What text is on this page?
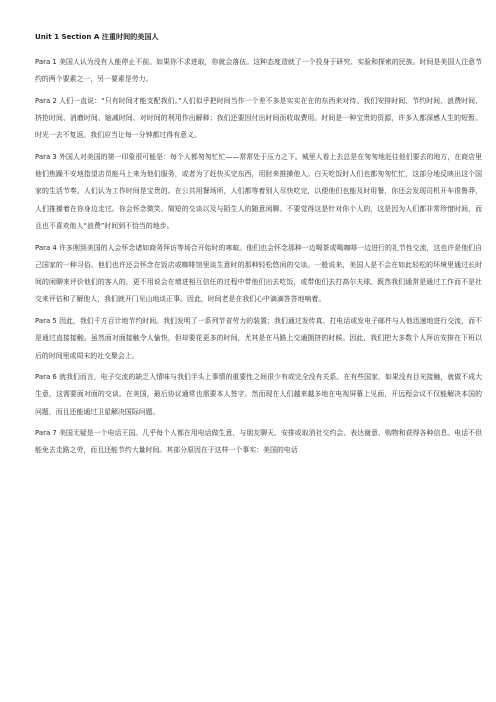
Unit 1 Section A 注重时间的美国人

Para 1 美国人认为没有人能停止不前。如果你不求进取，你就会落伍。这种态度造就了一个投身于研究、实验和探索的民族。时间是美国人注意节约的两个要素之一，另一要素是劳力。

Para 2 人们一直说：“只有时间才能支配我们。”人们似乎把时间当作一个差不多是实实在在的东西来对待。我们安排时间、节约时间、浪费时间、挤抢时间、消磨时间、缩减时间、对时间的利用作出解释；我们还要因付出时间而收取费用。时间是一种宝贵的资源，许多人都深感人生的短暂。时光一去不复返。我们应当让每一分钟都过得有意义。

Para 3 外国人对美国的第一印象很可能是：每个人都匆匆忙忙——常常处于压力之下。城里人看上去总是在匆匆地赶往他们要去的地方，在商店里他们焦躁不安地指望店员能马上来为他们服务，或者为了赶快买完东西，用肘来推搡他人。白天吃饭时人们也都匆匆忙忙，这部分地反映出这个国家的生活节奏。人们认为工作时间是宝贵的。在公共用餐场所，人们都等着别人尽快吃完，以便他们也能及时用餐，你还会发现司机开车很鲁莽，人们推搡着在你身边走过。你会怀念微笑、简短的交谈以及与陌生人的随意闲聊。不要觉得这是针对你个人的，这是因为人们都非常珍惜时间，而且也不喜欢他人“浪费”时间到不恰当的地步。

Para 4 许多刚到美国的人会怀念诸如商务拜访等场合开始时的寒暄。他们也会怀念那种一边喝茶或喝咖啡一边进行的礼节性交流，这也许是他们自己国家的一种习俗。他们也许还会怀念在饭店或咖啡馆里谈生意时的那种轻松悠闲的交谈。一般说来，美国人是不会在如此轻松的环境里通过长时间的闲聊来评价他们的客人的，更不用说会在增进相互信任的过程中带他们出去吃饭，或带他们去打高尔夫球。既然我们通常是通过工作而不是社交来评估和了解他人，我们就开门见山地谈正事。因此，时间老是在我们心中滴滴答答地响着。

Para 5 因此，我们千方百计地节约时间。我们发明了一系列节省劳力的装置；我们通过发传真、打电话或发电子邮件与人他迅速地进行交流，而不是通过直接接触。虽然面对面接触令人愉快，但却要花更多的时间，尤其是在马路上交通拥挤的时候。因此，我们把大多数个人拜访安排在下班以后的时间里或周末的社交聚会上。

Para 6 就我们而言，电子交流的缺乏人情味与我们手头上事情的重要性之间很少有或完全没有关系。在有些国家，如果没有目光接触，就做不成大生意，这需要面对面的交谈。在美国，最后协议通常也需要本人签字。然而现在人们越来越多地在电视屏幕上见面，开远程会议不仅能解决本国的问题，而且还能通过卫星解决国际问题。

Para 7 美国无疑是一个电话王国。几乎每个人都在用电话做生意、与朋友聊天、安排或取消社交约会、表达谢意、购物和获得各种信息。电话不但能免去走路之劳，而且还能节约大量时间。其部分原因在于这样一个事实：美国的电话
